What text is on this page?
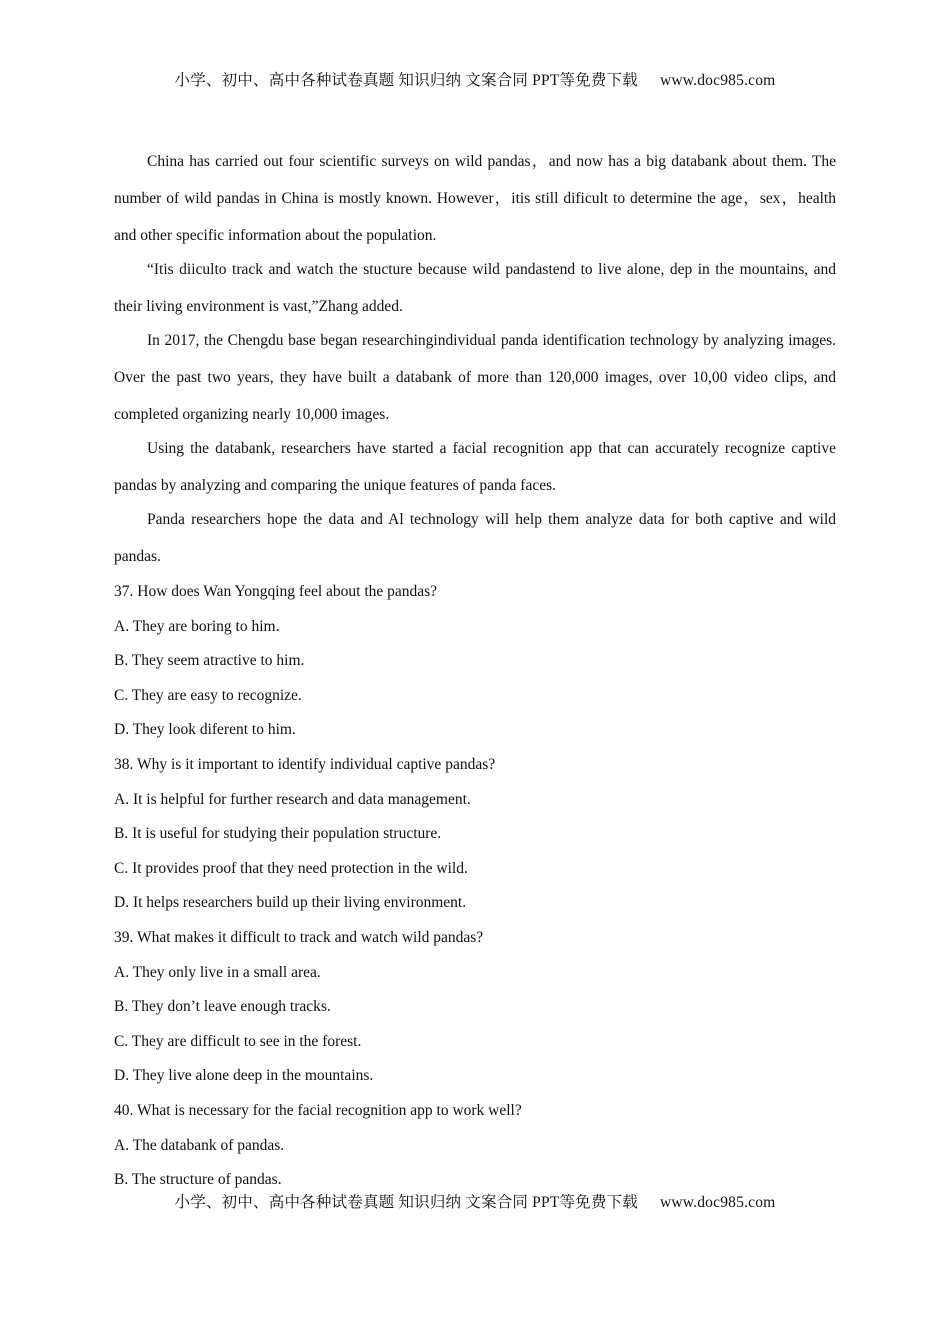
小学、初中、高中各种试卷真题 知识归纳 文案合同 PPT等免费下载 www.doc985.com

China has carried out four scientific surveys on wild pandas，and now has a big databank about them. The number of wild pandas in China is mostly known. However，itis still dificult to determine the age，sex，health and other specific information about the population.

“Itis diiculto track and watch the stucture because wild pandastend to live alone, dep in the mountains, and their living environment is vast,”Zhang added.

In 2017, the Chengdu base began researchingindividual panda identification technology by analyzing images. Over the past two years, they have built a databank of more than 120,000 images, over 10,00 video clips, and completed organizing nearly 10,000 images.

Using the databank, researchers have started a facial recognition app that can accurately recognize captive pandas by analyzing and comparing the unique features of panda faces.

Panda researchers hope the data and Al technology will help them analyze data for both captive and wild pandas.

37. How does Wan Yongqing feel about the pandas?

A. They are boring to him.

B. They seem atractive to him.

C. They are easy to recognize.

D. They look diferent to him.

38. Why is it important to identify individual captive pandas?

A. It is helpful for further research and data management.

B. It is useful for studying their population structure.

C. It provides proof that they need protection in the wild.

D. It helps researchers build up their living environment.

39. What makes it difficult to track and watch wild pandas?

A. They only live in a small area.

B. They don’t leave enough tracks.

C. They are difficult to see in the forest.

D. They live alone deep in the mountains.

40. What is necessary for the facial recognition app to work well?

A. The databank of pandas.

B. The structure of pandas.

小学、初中、高中各种试卷真题 知识归纳 文案合同 PPT等免费下载 www.doc985.com
